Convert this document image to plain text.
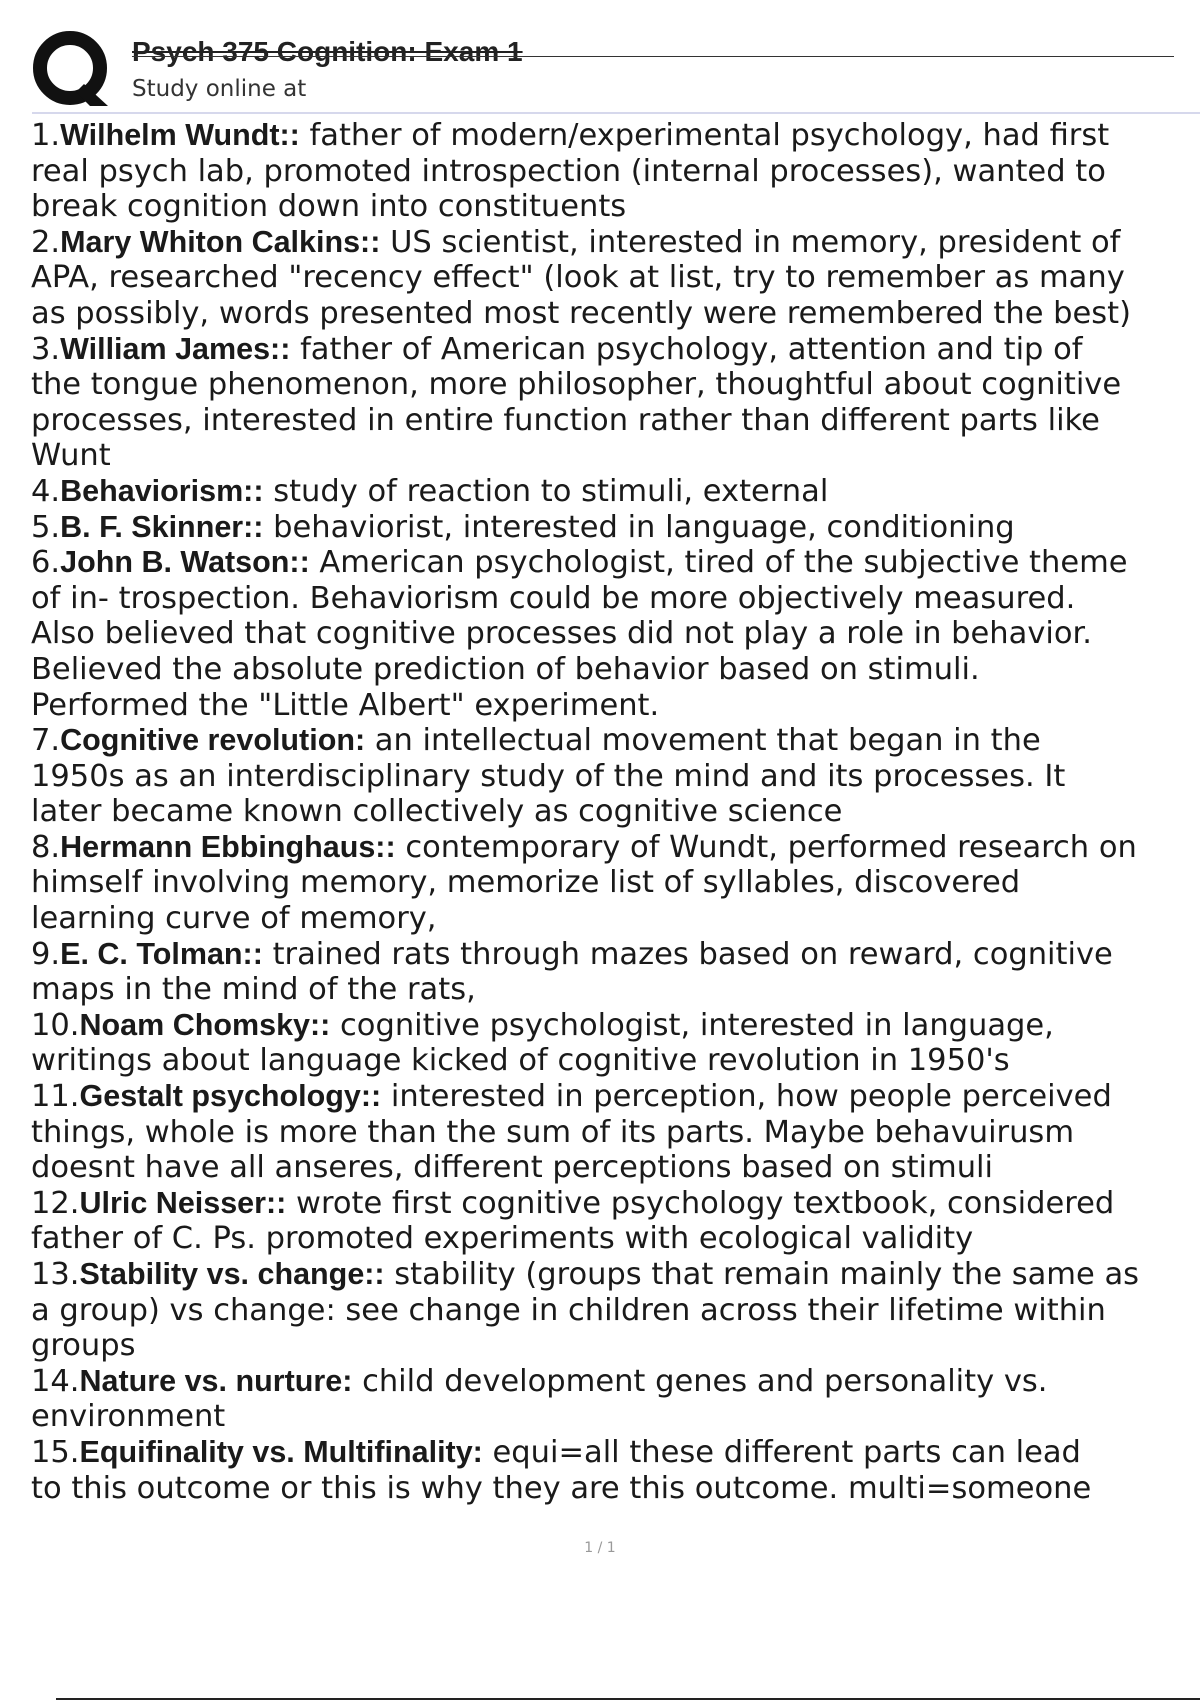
Psych 375 Cognition: Exam 1
Study online at
1.Wilhelm Wundt:: father of modern/experimental psychology, had first
real psych lab, promoted introspection (internal processes), wanted to
break cognition down into constituents
2.Mary Whiton Calkins:: US scientist, interested in memory, president of
APA, researched "recency effect" (look at list, try to remember as many
as possibly, words presented most recently were remembered the best)
3.William James:: father of American psychology, attention and tip of
the tongue phenomenon, more philosopher, thoughtful about cognitive
processes, interested in entire function rather than different parts like
Wunt
4.Behaviorism:: study of reaction to stimuli, external
5.B. F. Skinner:: behaviorist, interested in language, conditioning
6.John B. Watson:: American psychologist, tired of the subjective theme
of in- trospection. Behaviorism could be more objectively measured.
Also believed that cognitive processes did not play a role in behavior.
Believed the absolute prediction of behavior based on stimuli.
Performed the "Little Albert" experiment.
7.Cognitive revolution: an intellectual movement that began in the
1950s as an interdisciplinary study of the mind and its processes. It
later became known collectively as cognitive science
8.Hermann Ebbinghaus:: contemporary of Wundt, performed research on
himself involving memory, memorize list of syllables, discovered
learning curve of memory,
9.E. C. Tolman:: trained rats through mazes based on reward, cognitive
maps in the mind of the rats,
10.Noam Chomsky:: cognitive psychologist, interested in language,
writings about language kicked of cognitive revolution in 1950's
11.Gestalt psychology:: interested in perception, how people perceived
things, whole is more than the sum of its parts. Maybe behavuirusm
doesnt have all anseres, different perceptions based on stimuli
12.Ulric Neisser:: wrote first cognitive psychology textbook, considered
father of C. Ps. promoted experiments with ecological validity
13.Stability vs. change:: stability (groups that remain mainly the same as
a group) vs change: see change in children across their lifetime within
groups
14.Nature vs. nurture: child development genes and personality vs.
environment
15.Equifinality vs. Multifinality: equi=all these different parts can lead
to this outcome or this is why they are this outcome. multi=someone
1 / 1
